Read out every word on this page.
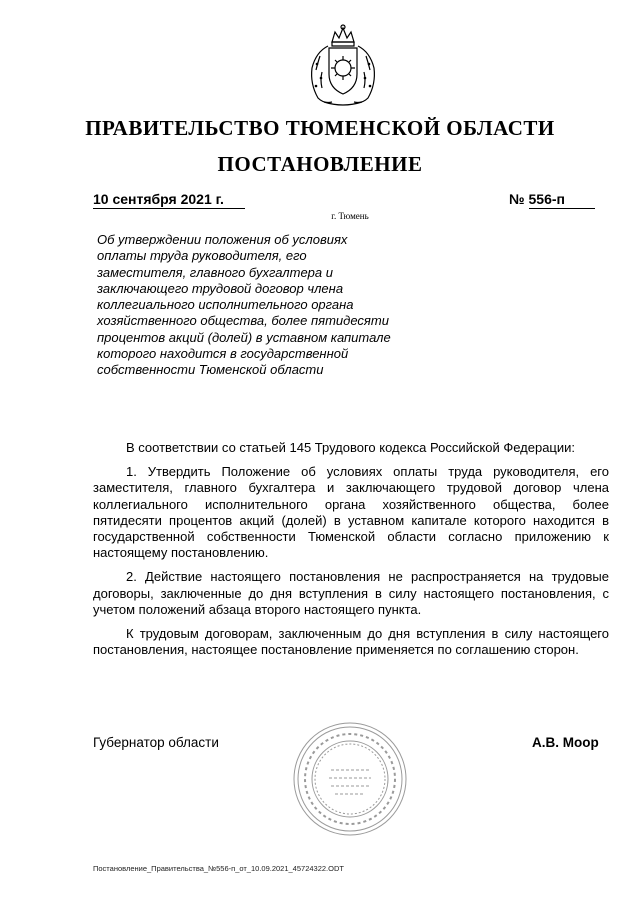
ПРАВИТЕЛЬСТВО ТЮМЕНСКОЙ ОБЛАСТИ
ПОСТАНОВЛЕНИЕ
10 сентября 2021 г.	№ 556-п
г. Тюмень

Об утверждении положения об условиях оплаты труда руководителя, его заместителя, главного бухгалтера и заключающего трудовой договор члена коллегиального исполнительного органа хозяйственного общества, более пятидесяти процентов акций (долей) в уставном капитале которого находится в государственной собственности Тюменской области

В соответствии со статьей 145 Трудового кодекса Российской Федерации:

1. Утвердить Положение об условиях оплаты труда руководителя, его заместителя, главного бухгалтера и заключающего трудовой договор члена коллегиального исполнительного органа хозяйственного общества, более пятидесяти процентов акций (долей) в уставном капитале которого находится в государственной собственности Тюменской области согласно приложению к настоящему постановлению.

2. Действие настоящего постановления не распространяется на трудовые договоры, заключенные до дня вступления в силу настоящего постановления, с учетом положений абзаца второго настоящего пункта.

К трудовым договорам, заключенным до дня вступления в силу настоящего постановления, настоящее постановление применяется по соглашению сторон.

Губернатор области	А.В. Моор
Постановление_Правительства_№556-п_от_10.09.2021_45724322.ODT
